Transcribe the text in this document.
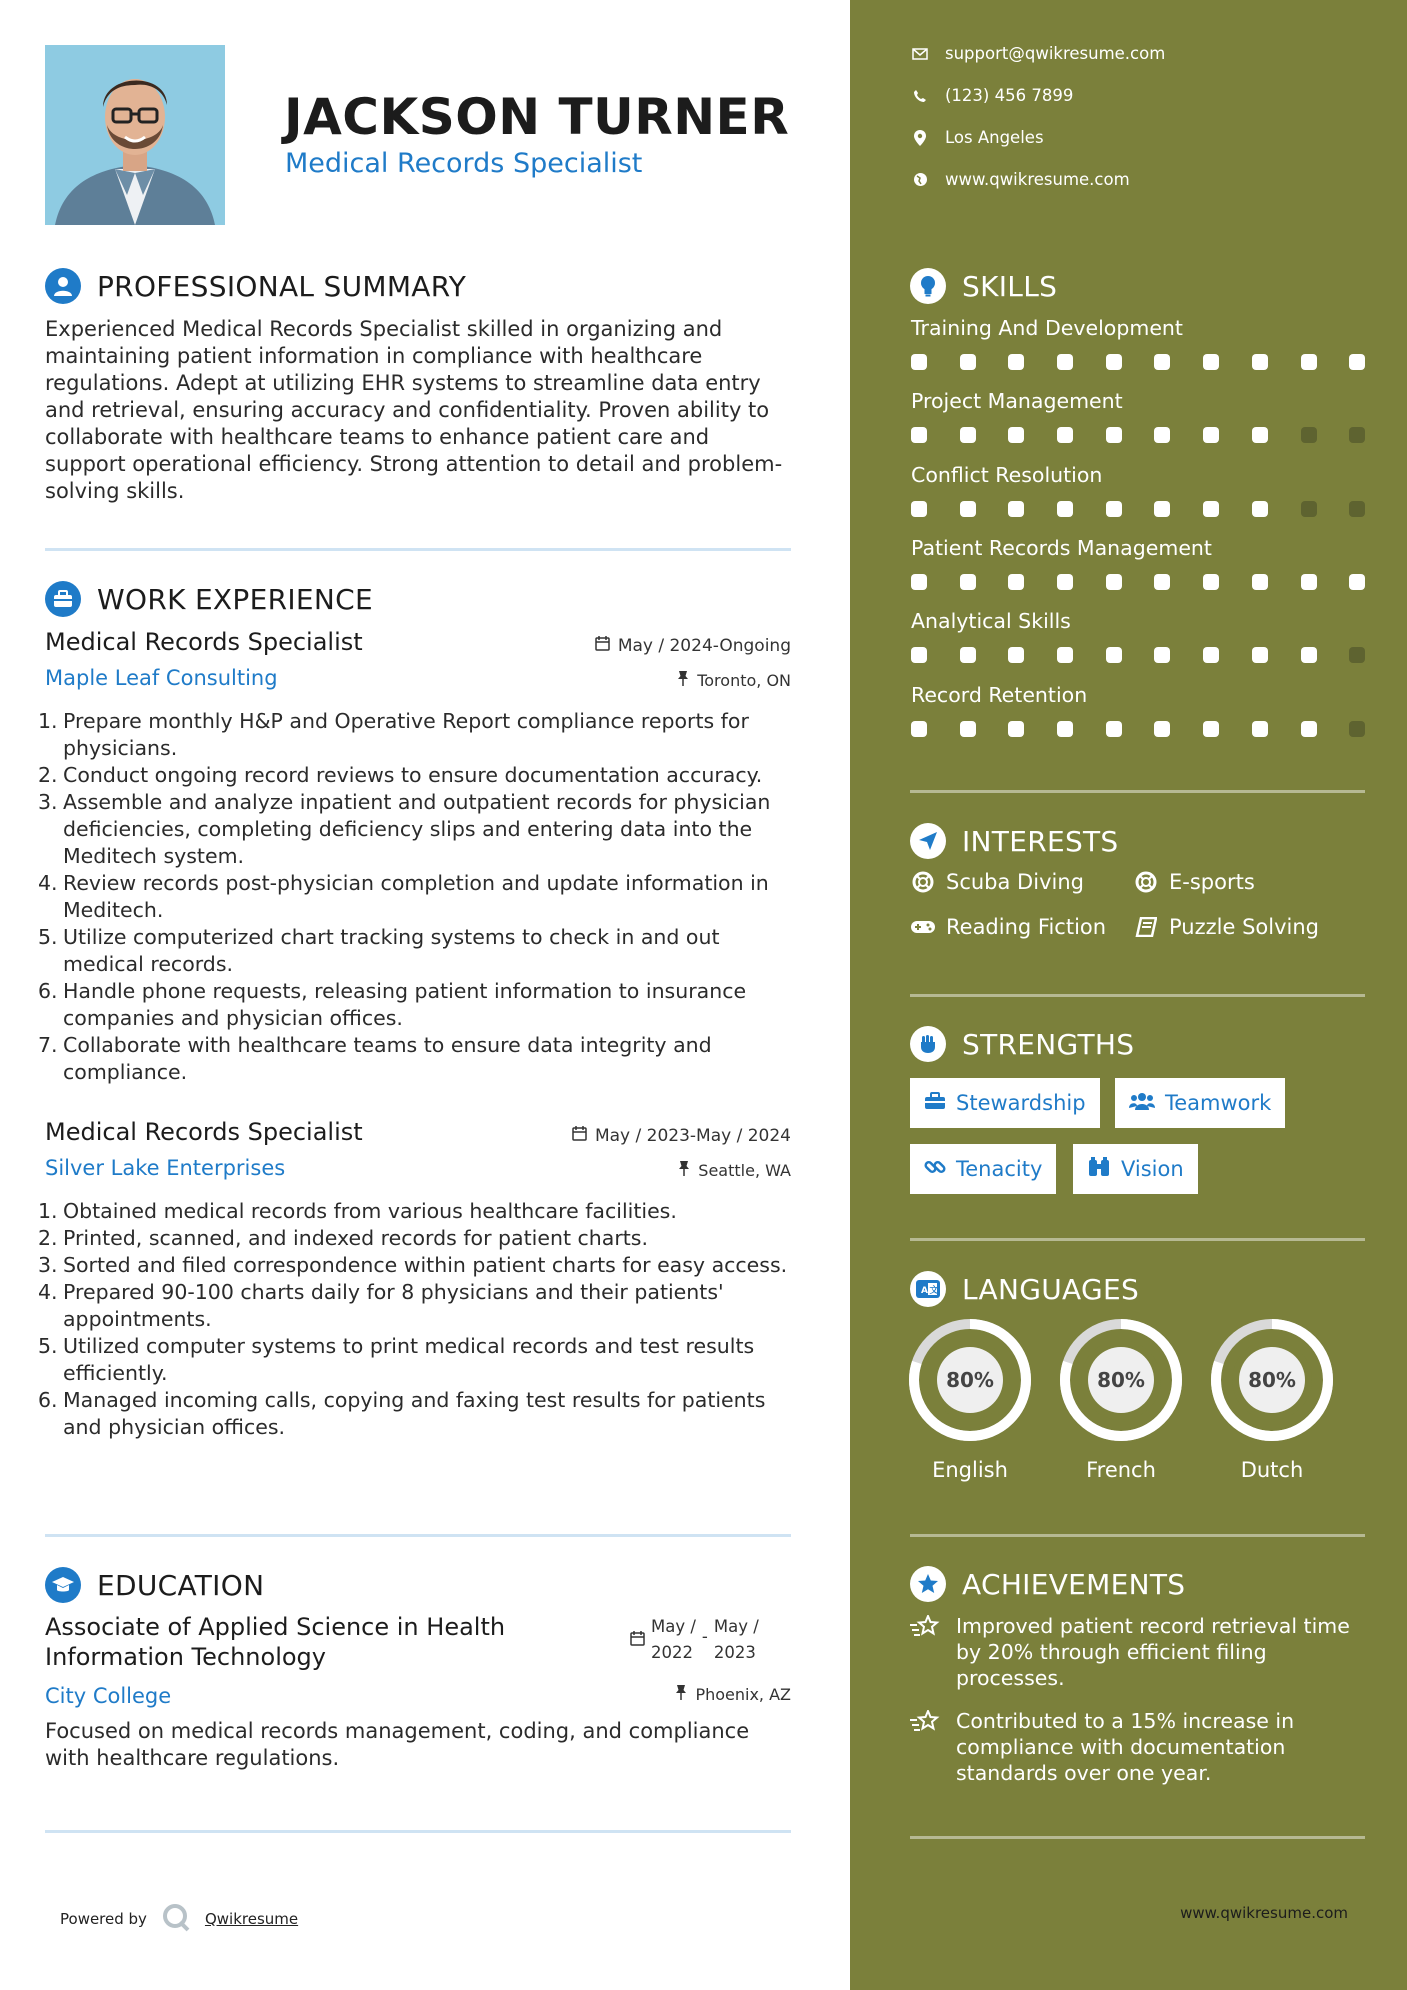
JACKSON TURNER
Medical Records Specialist
PROFESSIONAL SUMMARY
Experienced Medical Records Specialist skilled in organizing and maintaining patient information in compliance with healthcare regulations. Adept at utilizing EHR systems to streamline data entry and retrieval, ensuring accuracy and confidentiality. Proven ability to collaborate with healthcare teams to enhance patient care and support operational efficiency. Strong attention to detail and problem-solving skills.
WORK EXPERIENCE
Medical Records Specialist	May / 2024-Ongoing
Maple Leaf Consulting	Toronto, ON
1. Prepare monthly H&P and Operative Report compliance reports for physicians.
2. Conduct ongoing record reviews to ensure documentation accuracy.
3. Assemble and analyze inpatient and outpatient records for physician deficiencies, completing deficiency slips and entering data into the Meditech system.
4. Review records post-physician completion and update information in Meditech.
5. Utilize computerized chart tracking systems to check in and out medical records.
6. Handle phone requests, releasing patient information to insurance companies and physician offices.
7. Collaborate with healthcare teams to ensure data integrity and compliance.
Medical Records Specialist	May / 2023-May / 2024
Silver Lake Enterprises	Seattle, WA
1. Obtained medical records from various healthcare facilities.
2. Printed, scanned, and indexed records for patient charts.
3. Sorted and filed correspondence within patient charts for easy access.
4. Prepared 90-100 charts daily for 8 physicians and their patients' appointments.
5. Utilized computer systems to print medical records and test results efficiently.
6. Managed incoming calls, copying and faxing test results for patients and physician offices.
EDUCATION
Associate of Applied Science in Health Information Technology
May /
2022
-
May /
2023
City College	Phoenix, AZ
Focused on medical records management, coding, and compliance with healthcare regulations.
Powered by	Qwikresume
support@qwikresume.com
(123) 456 7899
Los Angeles
www.qwikresume.com
SKILLS
Training And Development
Project Management
Conflict Resolution
Patient Records Management
Analytical Skills
Record Retention
INTERESTS
Scuba Diving	E-sports
Reading Fiction	Puzzle Solving
STRENGTHS
Stewardship	Teamwork
Tenacity	Vision
A 文 LANGUAGES
80%
English
80%
French
80%
Dutch
ACHIEVEMENTS
Improved patient record retrieval time by 20% through efficient filing processes.
Contributed to a 15% increase in compliance with documentation standards over one year.
www.qwikresume.com
